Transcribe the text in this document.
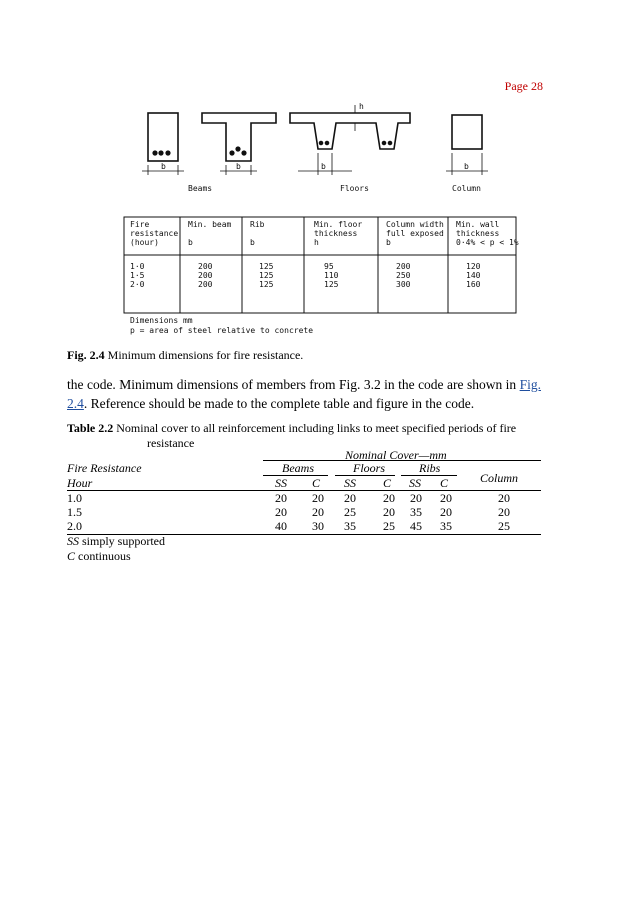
Page 28
b	b	b	b
h
Beams	Floors	Column
Fire
resistance
(hour)
Min. beam
b
Rib
b
Min. floor
thickness
h
Column width
full exposed
b
Min. wall
thickness
0·4% < p < 1%
1·0	200	125	95	200	120
1·5	200	125	110	250	140
2·0	200	125	125	300	160
Dimensions mm
p = area of steel relative to concrete
Fig. 2.4 Minimum dimensions for fire resistance.
the code. Minimum dimensions of members from Fig. 3.2 in the code are shown in Fig. 2.4. Reference should be made to the complete table and figure in the code.
Table 2.2 Nominal cover to all reinforcement including links to meet specified periods of fire
resistance
Nominal Cover—mm
Fire Resistance	Beams	Floors	Ribs
Column
Hour	SS C SS C SS C
1.0	20 20 20 20 20 20	20
1.5	20 20 25 20 35 20	20
2.0	40 30 35 25 45 35	25
SS simply supported
C continuous
